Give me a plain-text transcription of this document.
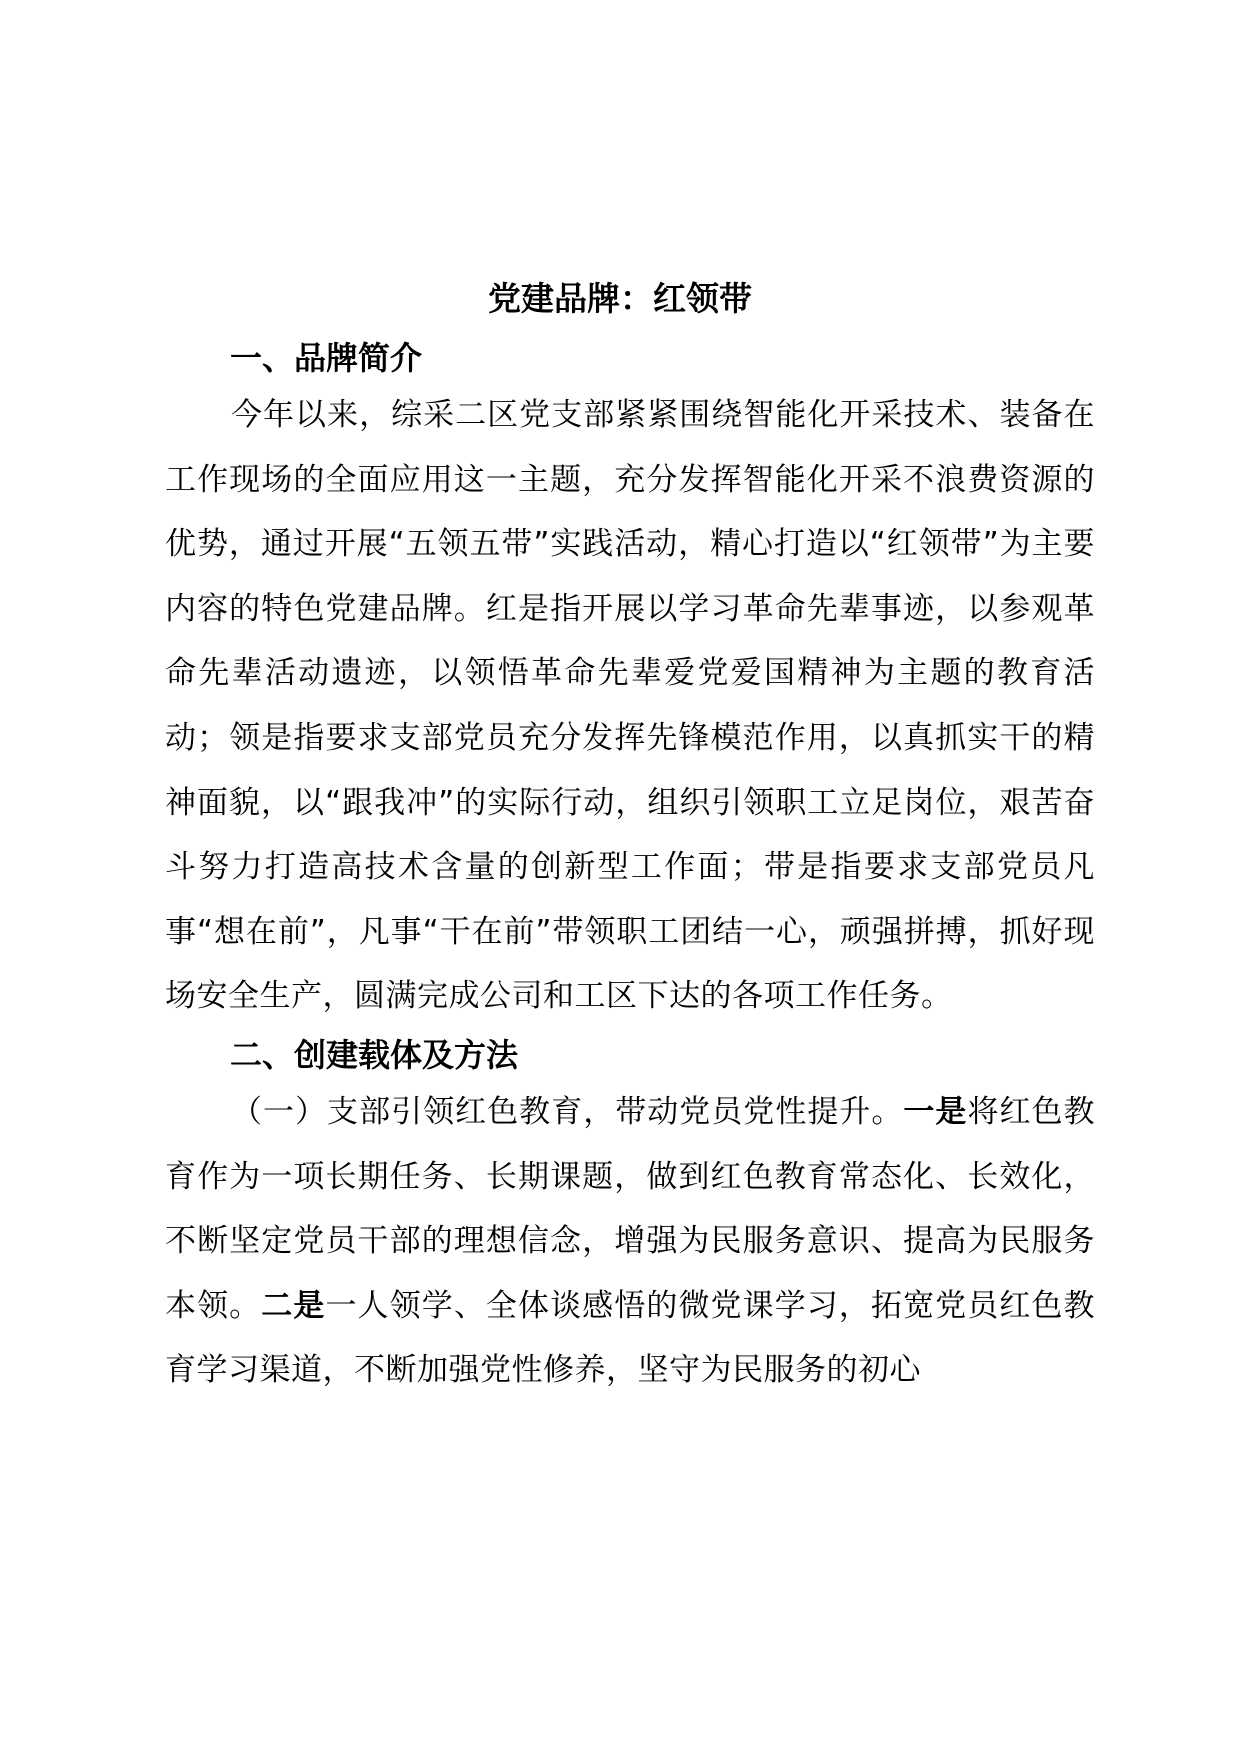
党建品牌：红领带
一、品牌简介

今年以来，综采二区党支部紧紧围绕智能化开采技术、装备在工作现场的全面应用这一主题，充分发挥智能化开采不浪费资源的优势，通过开展“五领五带”实践活动，精心打造以“红领带”为主要内容的特色党建品牌。红是指开展以学习革命先辈事迹，以参观革命先辈活动遗迹，以领悟革命先辈爱党爱国精神为主题的教育活动；领是指要求支部党员充分发挥先锋模范作用，以真抓实干的精神面貌，以“跟我冲”的实际行动，组织引领职工立足岗位，艰苦奋斗努力打造高技术含量的创新型工作面；带是指要求支部党员凡事“想在前”，凡事“干在前”带领职工团结一心，顽强拼搏，抓好现场安全生产，圆满完成公司和工区下达的各项工作任务。

二、创建载体及方法

（一）支部引领红色教育，带动党员党性提升。一是将红色教育作为一项长期任务、长期课题，做到红色教育常态化、长效化，不断坚定党员干部的理想信念，增强为民服务意识、提高为民服务本领。二是一人领学、全体谈感悟的微党课学习，拓宽党员红色教育学习渠道，不断加强党性修养，坚守为民服务的初心
